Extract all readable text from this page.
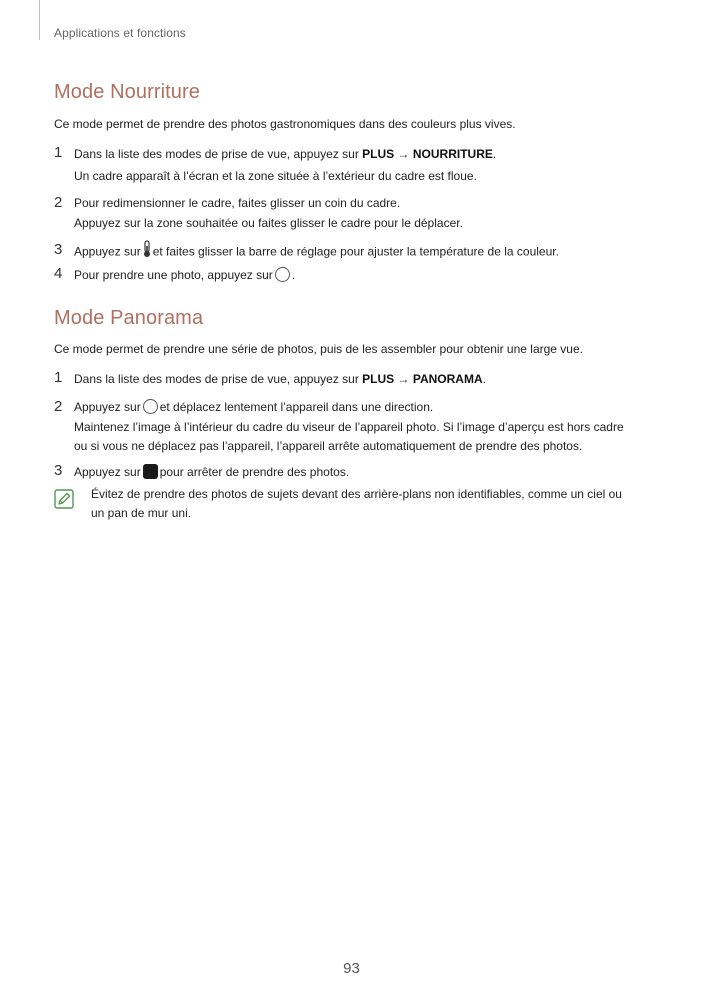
Applications et fonctions
Mode Nourriture
Ce mode permet de prendre des photos gastronomiques dans des couleurs plus vives.
1 Dans la liste des modes de prise de vue, appuyez sur PLUS → NOURRITURE.
Un cadre apparaît à l’écran et la zone située à l’extérieur du cadre est floue.
2 Pour redimensionner le cadre, faites glisser un coin du cadre.
Appuyez sur la zone souhaitée ou faites glisser le cadre pour le déplacer.
3 Appuyez sur et faites glisser la barre de réglage pour ajuster la température de la couleur.
4 Pour prendre une photo, appuyez sur .
Mode Panorama
Ce mode permet de prendre une série de photos, puis de les assembler pour obtenir une large vue.
1 Dans la liste des modes de prise de vue, appuyez sur PLUS → PANORAMA.
2 Appuyez sur et déplacez lentement l’appareil dans une direction.
Maintenez l’image à l’intérieur du cadre du viseur de l’appareil photo. Si l’image d’aperçu est hors cadre
ou si vous ne déplacez pas l’appareil, l’appareil arrête automatiquement de prendre des photos.
3 Appuyez sur pour arrêter de prendre des photos.
Évitez de prendre des photos de sujets devant des arrière-plans non identifiables, comme un ciel ou
un pan de mur uni.
93
